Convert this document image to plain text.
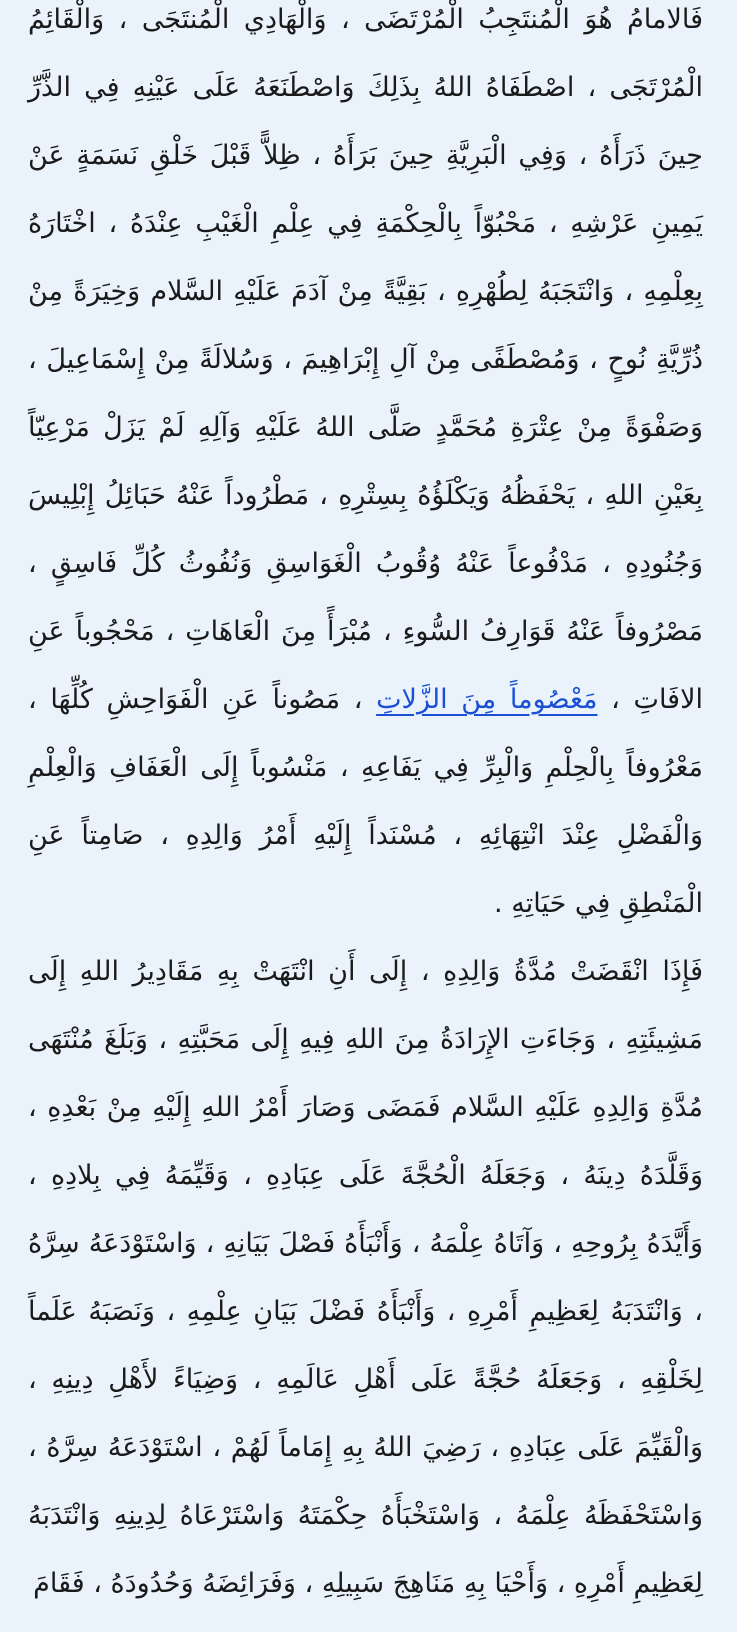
فَالامامُ هُوَ الْمُنتَجِبُ الْمُرْتَضَى ، وَالْهَادِي الْمُنتَجَى ، وَالْقَائِمُ الْمُرْتَجَى ، اصْطَفَاهُ اللهُ بِذَلِكَ وَاصْطَنَعَهُ عَلَى عَيْنِهِ فِي الذَّرِّ حِينَ ذَرَأَهُ ، وَفِي الْبَرِيَّةِ حِينَ بَرَأَهُ ، ظِلاًّ قَبْلَ خَلْقِ نَسَمَةٍ عَنْ يَمِينِ عَرْشِهِ ، مَحْبُوّاً بِالْحِكْمَةِ فِي عِلْمِ الْغَيْبِ عِنْدَهُ ، اخْتَارَهُ بِعِلْمِهِ ، وَانْتَجَبَهُ لِطُهْرِهِ ، بَقِيَّةً مِنْ آدَمَ عَلَيْهِ السَّلام وَخِيَرَةً مِنْ ذُرِّيَّةِ نُوحٍ ، وَمُصْطَفًى مِنْ آلِ إِبْرَاهِيمَ ، وَسُلالَةً مِنْ إِسْمَاعِيلَ ، وَصَفْوَةً مِنْ عِتْرَةِ مُحَمَّدٍ صَلَّى اللهُ عَلَيْهِ وَآلِهِ لَمْ يَزَلْ مَرْعِيّاً بِعَيْنِ اللهِ ، يَحْفَظُهُ وَيَكْلَؤُهُ بِسِتْرِهِ ، مَطْرُوداً عَنْهُ حَبَائِلُ إِبْلِيسَ وَجُنُودِهِ ، مَدْفُوعاً عَنْهُ وُقُوبُ الْغَوَاسِقِ وَنُفُوثُ كُلِّ فَاسِقٍ ، مَصْرُوفاً عَنْهُ قَوَارِفُ السُّوءِ ، مُبْرَأً مِنَ الْعَاهَاتِ ، مَحْجُوباً عَنِ الافَاتِ ، مَعْصُوماً مِنَ الزَّلاتِ ، مَصُوناً عَنِ الْفَوَاحِشِ كُلِّهَا ، مَعْرُوفاً بِالْحِلْمِ وَالْبِرِّ فِي يَفَاعِهِ ، مَنْسُوباً إِلَى الْعَفَافِ وَالْعِلْمِ وَالْفَضْلِ عِنْدَ انْتِهَائِهِ ، مُسْنَداً إِلَيْهِ أَمْرُ وَالِدِهِ ، صَامِتاً عَنِ الْمَنْطِقِ فِي حَيَاتِهِ .

فَإِذَا انْقَضَتْ مُدَّةُ وَالِدِهِ ، إِلَى أَنِ انْتَهَتْ بِهِ مَقَادِيرُ اللهِ إِلَى مَشِيئَتِهِ ، وَجَاءَتِ الإِرَادَةُ مِنَ اللهِ فِيهِ إِلَى مَحَبَّتِهِ ، وَبَلَغَ مُنْتَهَى مُدَّةِ وَالِدِهِ عَلَيْهِ السَّلام فَمَضَى وَصَارَ أَمْرُ اللهِ إِلَيْهِ مِنْ بَعْدِهِ ، وَقَلَّدَهُ دِينَهُ ، وَجَعَلَهُ الْحُجَّةَ عَلَى عِبَادِهِ ، وَقَيِّمَهُ فِي بِلادِهِ ، وَأَيَّدَهُ بِرُوحِهِ ، وَآتَاهُ عِلْمَهُ ، وَأَنْبَأَهُ فَصْلَ بَيَانِهِ ، وَاسْتَوْدَعَهُ سِرَّهُ ، وَانْتَدَبَهُ لِعَظِيمِ أَمْرِهِ ، وَأَنْبَأَهُ فَضْلَ بَيَانِ عِلْمِهِ ، وَنَصَبَهُ عَلَماً لِخَلْقِهِ ، وَجَعَلَهُ حُجَّةً عَلَى أَهْلِ عَالَمِهِ ، وَضِيَاءً لأَهْلِ دِينِهِ ، وَالْقَيِّمَ عَلَى عِبَادِهِ ، رَضِيَ اللهُ بِهِ إِمَاماً لَهُمْ ، اسْتَوْدَعَهُ سِرَّهُ ، وَاسْتَحْفَظَهُ عِلْمَهُ ، وَاسْتَخْبَأَهُ حِكْمَتَهُ وَاسْتَرْعَاهُ لِدِينِهِ وَانْتَدَبَهُ لِعَظِيمِ أَمْرِهِ ، وَأَحْيَا بِهِ مَنَاهِجَ سَبِيلِهِ ، وَفَرَائِضَهُ وَحُدُودَهُ ، فَقَامَ
